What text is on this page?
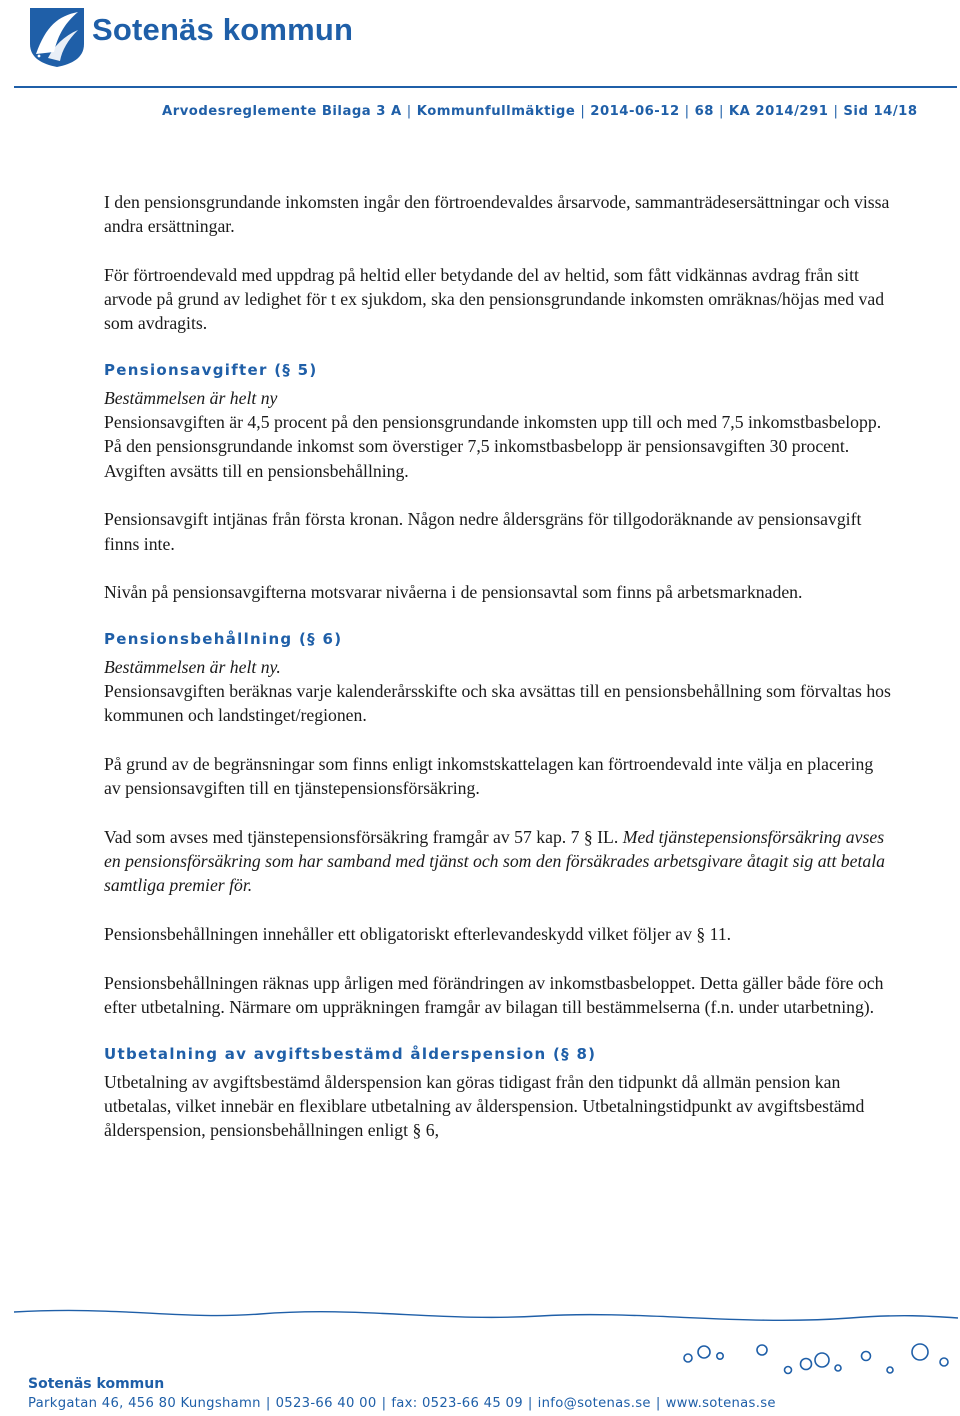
Sotenäs kommun
Arvodesreglemente Bilaga 3 A | Kommunfullmäktige | 2014-06-12 | 68 | KA 2014/291 | Sid 14/18

I den pensionsgrundande inkomsten ingår den förtroendevaldes årsarvode, sammanträdesersättningar och vissa andra ersättningar.

För förtroendevald med uppdrag på heltid eller betydande del av heltid, som fått vidkännas avdrag från sitt arvode på grund av ledighet för t ex sjukdom, ska den pensionsgrundande inkomsten omräknas/höjas med vad som avdragits.

Pensionsavgifter (§ 5)

Bestämmelsen är helt ny

Pensionsavgiften är 4,5 procent på den pensionsgrundande inkomsten upp till och med 7,5 inkomstbasbelopp. På den pensionsgrundande inkomst som överstiger 7,5 inkomstbasbelopp är pensionsavgiften 30 procent. Avgiften avsätts till en pensionsbehållning.

Pensionsavgift intjänas från första kronan. Någon nedre åldersgräns för tillgodoräknande av pensionsavgift finns inte.

Nivån på pensionsavgifterna motsvarar nivåerna i de pensionsavtal som finns på arbetsmarknaden.

Pensionsbehållning (§ 6)

Bestämmelsen är helt ny.

Pensionsavgiften beräknas varje kalenderårsskifte och ska avsättas till en pensionsbehållning som förvaltas hos kommunen och landstinget/regionen.

På grund av de begränsningar som finns enligt inkomstskattelagen kan förtroendevald inte välja en placering av pensionsavgiften till en tjänstepensionsförsäkring.

Vad som avses med tjänstepensionsförsäkring framgår av 57 kap. 7 § IL. Med tjänstepensionsförsäkring avses en pensionsförsäkring som har samband med tjänst och som den försäkrades arbetsgivare åtagit sig att betala samtliga premier för.

Pensionsbehållningen innehåller ett obligatoriskt efterlevandeskydd vilket följer av § 11.

Pensionsbehållningen räknas upp årligen med förändringen av inkomstbasbeloppet. Detta gäller både före och efter utbetalning. Närmare om uppräkningen framgår av bilagan till bestämmelserna (f.n. under utarbetning).

Utbetalning av avgiftsbestämd ålderspension (§ 8)

Utbetalning av avgiftsbestämd ålderspension kan göras tidigast från den tidpunkt då allmän pension kan utbetalas, vilket innebär en flexiblare utbetalning av ålderspension. Utbetalningstidpunkt av avgiftsbestämd ålderspension, pensionsbehållningen enligt § 6,

Sotenäs kommun
Parkgatan 46, 456 80 Kungshamn | 0523-66 40 00 | fax: 0523-66 45 09 | info@sotenas.se | www.sotenas.se
